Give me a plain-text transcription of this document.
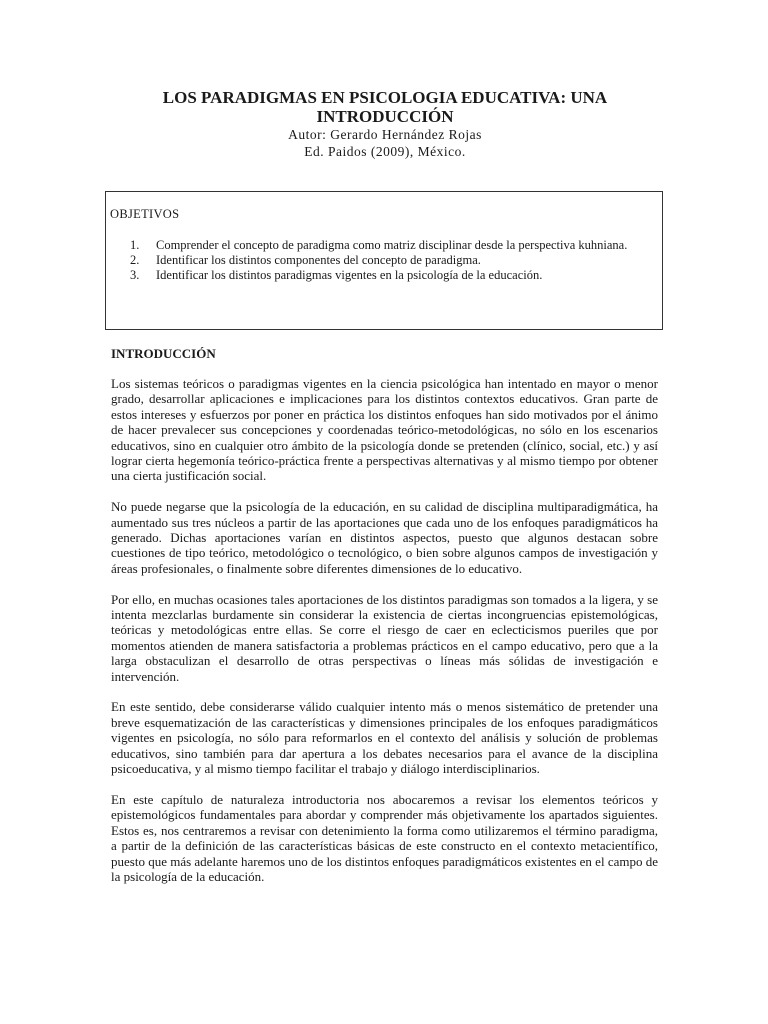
LOS PARADIGMAS EN PSICOLOGIA EDUCATIVA: UNA INTRODUCCIÓN
Autor: Gerardo Hernández Rojas
Ed. Paidos (2009), México.
OBJETIVOS
1.	Comprender el concepto de paradigma como matriz disciplinar desde la perspectiva kuhniana.
2.	Identificar los distintos componentes del concepto de paradigma.
3.	Identificar los distintos paradigmas vigentes en la psicología de la educación.
INTRODUCCIÓN

Los sistemas teóricos o paradigmas vigentes en la ciencia psicológica han intentado en mayor o menor grado, desarrollar aplicaciones e implicaciones para los distintos contextos educativos. Gran parte de estos intereses y esfuerzos por poner en práctica los distintos enfoques han sido motivados por el ánimo de hacer prevalecer sus concepciones y coordenadas teórico-metodológicas, no sólo en los escenarios educativos, sino en cualquier otro ámbito de la psicología donde se pretenden (clínico, social, etc.) y así lograr cierta hegemonía teórico-práctica frente a perspectivas alternativas y al mismo tiempo por obtener una cierta justificación social.

No puede negarse que la psicología de la educación, en su calidad de disciplina multiparadigmática, ha aumentado sus tres núcleos a partir de las aportaciones que cada uno de los enfoques paradigmáticos ha generado. Dichas aportaciones varían en distintos aspectos, puesto que algunos destacan sobre cuestiones de tipo teórico, metodológico o tecnológico, o bien sobre algunos campos de investigación y áreas profesionales, o finalmente sobre diferentes dimensiones de lo educativo.

Por ello, en muchas ocasiones tales aportaciones de los distintos paradigmas son tomados a la ligera, y se intenta mezclarlas burdamente sin considerar la existencia de ciertas incongruencias epistemológicas, teóricas y metodológicas entre ellas. Se corre el riesgo de caer en eclecticismos pueriles que por momentos atienden de manera satisfactoria a problemas prácticos en el campo educativo, pero que a la larga obstaculizan el desarrollo de otras perspectivas o líneas más sólidas de investigación e intervención.

En este sentido, debe considerarse válido cualquier intento más o menos sistemático de pretender una breve esquematización de las características y dimensiones principales de los enfoques paradigmáticos vigentes en psicología, no sólo para reformarlos en el contexto del análisis y solución de problemas educativos, sino también para dar apertura a los debates necesarios para el avance de la disciplina psicoeducativa, y al mismo tiempo facilitar el trabajo y diálogo interdisciplinarios.

En este capítulo de naturaleza introductoria nos abocaremos a revisar los elementos teóricos y epistemológicos fundamentales para abordar y comprender más objetivamente los apartados siguientes. Estos es, nos centraremos a revisar con detenimiento la forma como utilizaremos el término paradigma, a partir de la definición de las características básicas de este constructo en el contexto metacientífico, puesto que más adelante haremos uno de los distintos enfoques paradigmáticos existentes en el campo de la psicología de la educación.
